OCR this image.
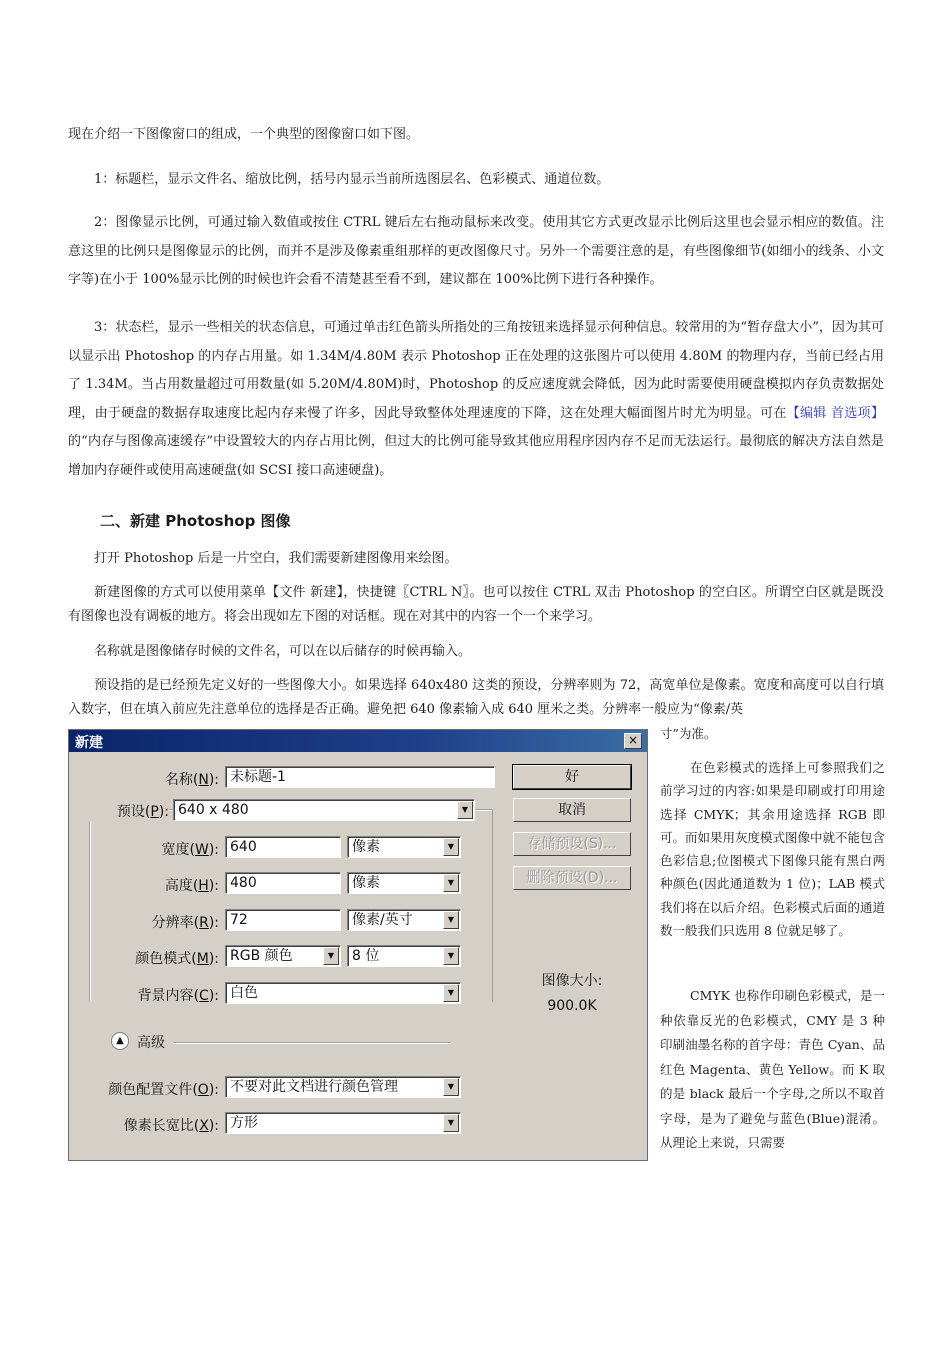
现在介绍一下图像窗口的组成，一个典型的图像窗口如下图。

1：标题栏，显示文件名、缩放比例，括号内显示当前所选图层名、色彩模式、通道位数。

2：图像显示比例，可通过输入数值或按住 CTRL 键后左右拖动鼠标来改变。使用其它方式更改显示比例后这里也会显示相应的数值。注意这里的比例只是图像显示的比例，而并不是涉及像素重组那样的更改图像尺寸。另外一个需要注意的是，有些图像细节(如细小的线条、小文字等)在小于 100%显示比例的时候也许会看不清楚甚至看不到，建议都在 100%比例下进行各种操作。

3：状态栏，显示一些相关的状态信息，可通过单击红色箭头所指处的三角按钮来选择显示何种信息。较常用的为“暂存盘大小”，因为其可以显示出 Photoshop 的内存占用量。如 1.34M/4.80M 表示 Photoshop 正在处理的这张图片可以使用 4.80M 的物理内存，当前已经占用了 1.34M。当占用数量超过可用数量(如 5.20M/4.80M)时，Photoshop 的反应速度就会降低，因为此时需要使用硬盘模拟内存负责数据处理，由于硬盘的数据存取速度比起内存来慢了许多，因此导致整体处理速度的下降，这在处理大幅面图片时尤为明显。可在【编辑 首选项】的“内存与图像高速缓存”中设置较大的内存占用比例，但过大的比例可能导致其他应用程序因内存不足而无法运行。最彻底的解决方法自然是增加内存硬件或使用高速硬盘(如 SCSI 接口高速硬盘)。

二、新建 Photoshop 图像

打开 Photoshop 后是一片空白，我们需要新建图像用来绘图。

新建图像的方式可以使用菜单【文件 新建】，快捷键〖CTRL N〗。也可以按住 CTRL 双击 Photoshop 的空白区。所谓空白区就是既没有图像也没有调板的地方。将会出现如左下图的对话框。现在对其中的内容一个一个来学习。

名称就是图像储存时候的文件名，可以在以后储存的时候再输入。

预设指的是已经预先定义好的一些图像大小。如果选择 640x480 这类的预设，分辨率则为 72，高宽单位是像素。宽度和高度可以自行填入数字，但在填入前应先注意单位的选择是否正确。避免把 640 像素输入成 640 厘米之类。分辨率一般应为“像素/英

寸”为准。

在色彩模式的选择上可参照我们之前学习过的内容:如果是印刷或打印用途选择 CMYK；其余用途选择 RGB 即可。而如果用灰度模式图像中就不能包含色彩信息;位图模式下图像只能有黑白两种颜色(因此通道数为 1 位)；LAB 模式我们将在以后介绍。色彩模式后面的通道数一般我们只选用 8 位就足够了。

CMYK 也称作印刷色彩模式，是一种依靠反光的色彩模式，CMY 是 3 种印刷油墨名称的首字母：青色 Cyan、品红色 Magenta、黄色 Yellow。而 K 取的是 black 最后一个字母,之所以不取首字母，是为了避免与蓝色(Blue)混淆。从理论上来说，只需要

新建	×
名称(N): 未标题-1
预设(P): 640 x 480	▼
宽度(W): 640	像素	▼
高度(H): 480	像素	▼
分辨率(R): 72	像素/英寸	▼
颜色模式(M): RGB 颜色	▼	8 位	▼
背景内容(C): 白色	▼
▲ 高级
颜色配置文件(O): 不要对此文档进行颜色管理	▼
像素长宽比(X): 方形	▼
好
取消
存储预设(S)...
删除预设(D)...
图像大小:
900.0K
